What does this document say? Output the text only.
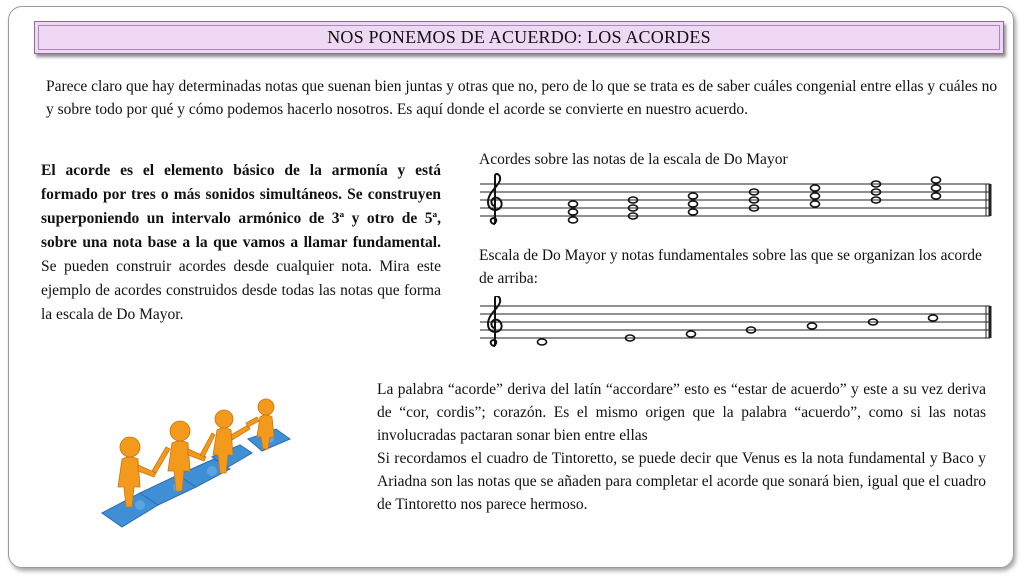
NOS PONEMOS DE ACUERDO: LOS ACORDES

Parece claro que hay determinadas notas que suenan bien juntas y otras que no, pero de lo que se trata es de saber cuáles congenial entre ellas y cuáles no y sobre todo por qué y cómo podemos hacerlo nosotros. Es aquí donde el acorde se convierte en nuestro acuerdo.

El acorde es el elemento básico de la armonía y está formado por tres o más sonidos simultáneos. Se construyen superponiendo un intervalo armónico de 3ª y otro de 5ª, sobre una nota base a la que vamos a llamar fundamental. Se pueden construir acordes desde cualquier nota. Mira este ejemplo de acordes construidos desde todas las notas que forma la escala de Do Mayor.

Acordes sobre las notas de la escala de Do Mayor
Escala de Do Mayor y notas fundamentales sobre las que se organizan los acorde de arriba:
La palabra “acorde” deriva del latín “accordare” esto es “estar de acuerdo” y este a su vez deriva de “cor, cordis”; corazón. Es el mismo origen que la palabra “acuerdo”, como si las notas involucradas pactaran sonar bien entre ellas
Si recordamos el cuadro de Tintoretto, se puede decir que Venus es la nota fundamental y Baco y Ariadna son las notas que se añaden para completar el acorde que sonará bien, igual que el cuadro de Tintoretto nos parece hermoso.
